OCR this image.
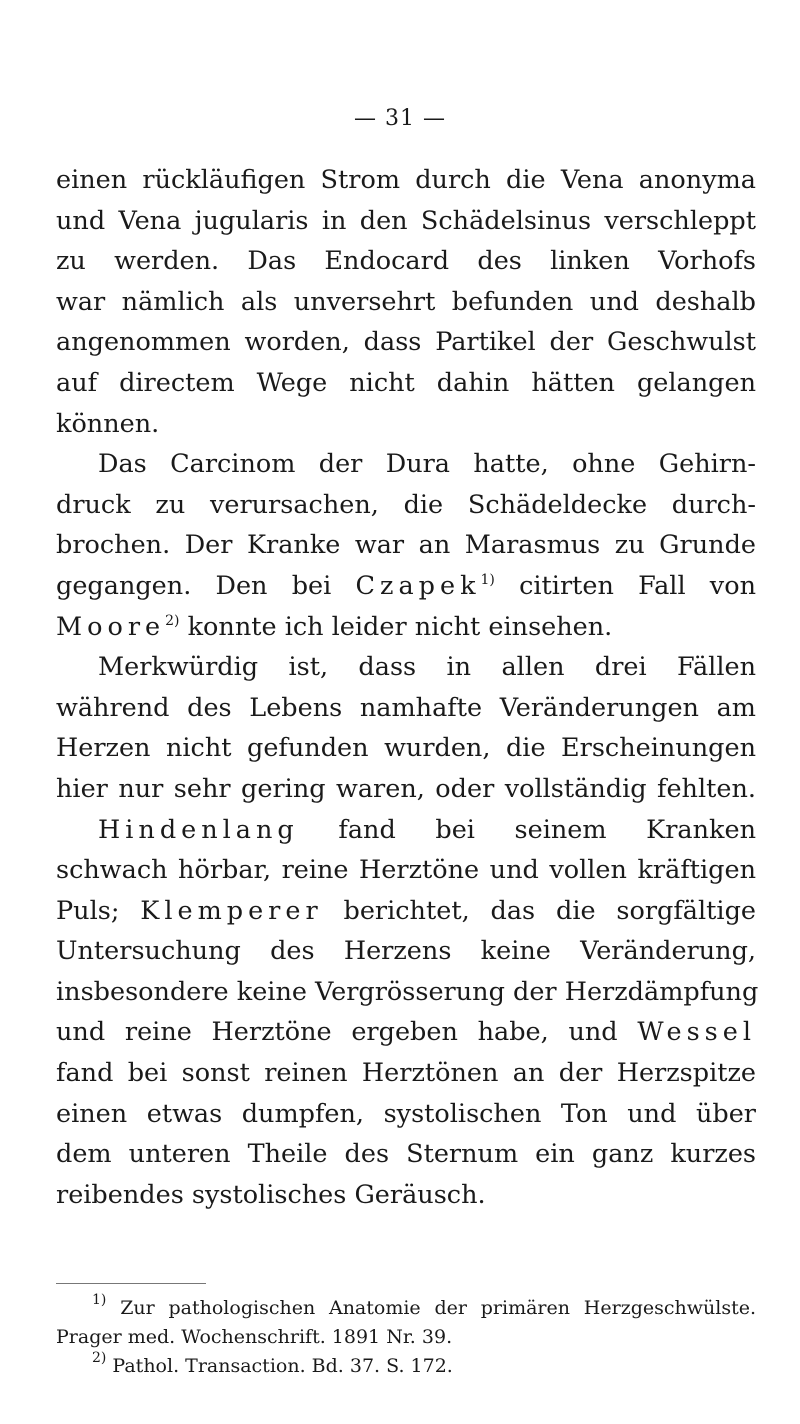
— 31 —
einen rückläufigen Strom durch die Vena anonyma
und Vena jugularis in den Schädelsinus verschleppt
zu werden. Das Endocard des linken Vorhofs
war nämlich als unversehrt befunden und deshalb
angenommen worden, dass Partikel der Geschwulst
auf directem Wege nicht dahin hätten gelangen
können.
Das Carcinom der Dura hatte, ohne Gehirn-
druck zu verursachen, die Schädeldecke durch-
brochen. Der Kranke war an Marasmus zu Grunde
gegangen. Den bei Czapek$^{1)}$ citirten Fall von
Moore$^{2)}$ konnte ich leider nicht einsehen.
Merkwürdig ist, dass in allen drei Fällen
während des Lebens namhafte Veränderungen am
Herzen nicht gefunden wurden, die Erscheinungen
hier nur sehr gering waren, oder vollständig fehlten.
Hindenlang fand bei seinem Kranken
schwach hörbar, reine Herztöne und vollen kräftigen
Puls; Klemperer berichtet, das die sorgfältige
Untersuchung des Herzens keine Veränderung,
insbesondere keine Vergrösserung der Herzdämpfung
und reine Herztöne ergeben habe, und Wessel
fand bei sonst reinen Herztönen an der Herzspitze
einen etwas dumpfen, systolischen Ton und über
dem unteren Theile des Sternum ein ganz kurzes
reibendes systolisches Geräusch.
$^{1)}$ Zur pathologischen Anatomie der primären Herzgeschwülste.
Prager med. Wochenschrift. 1891 Nr. 39.
$^{2)}$ Pathol. Transaction. Bd. 37. S. 172.
